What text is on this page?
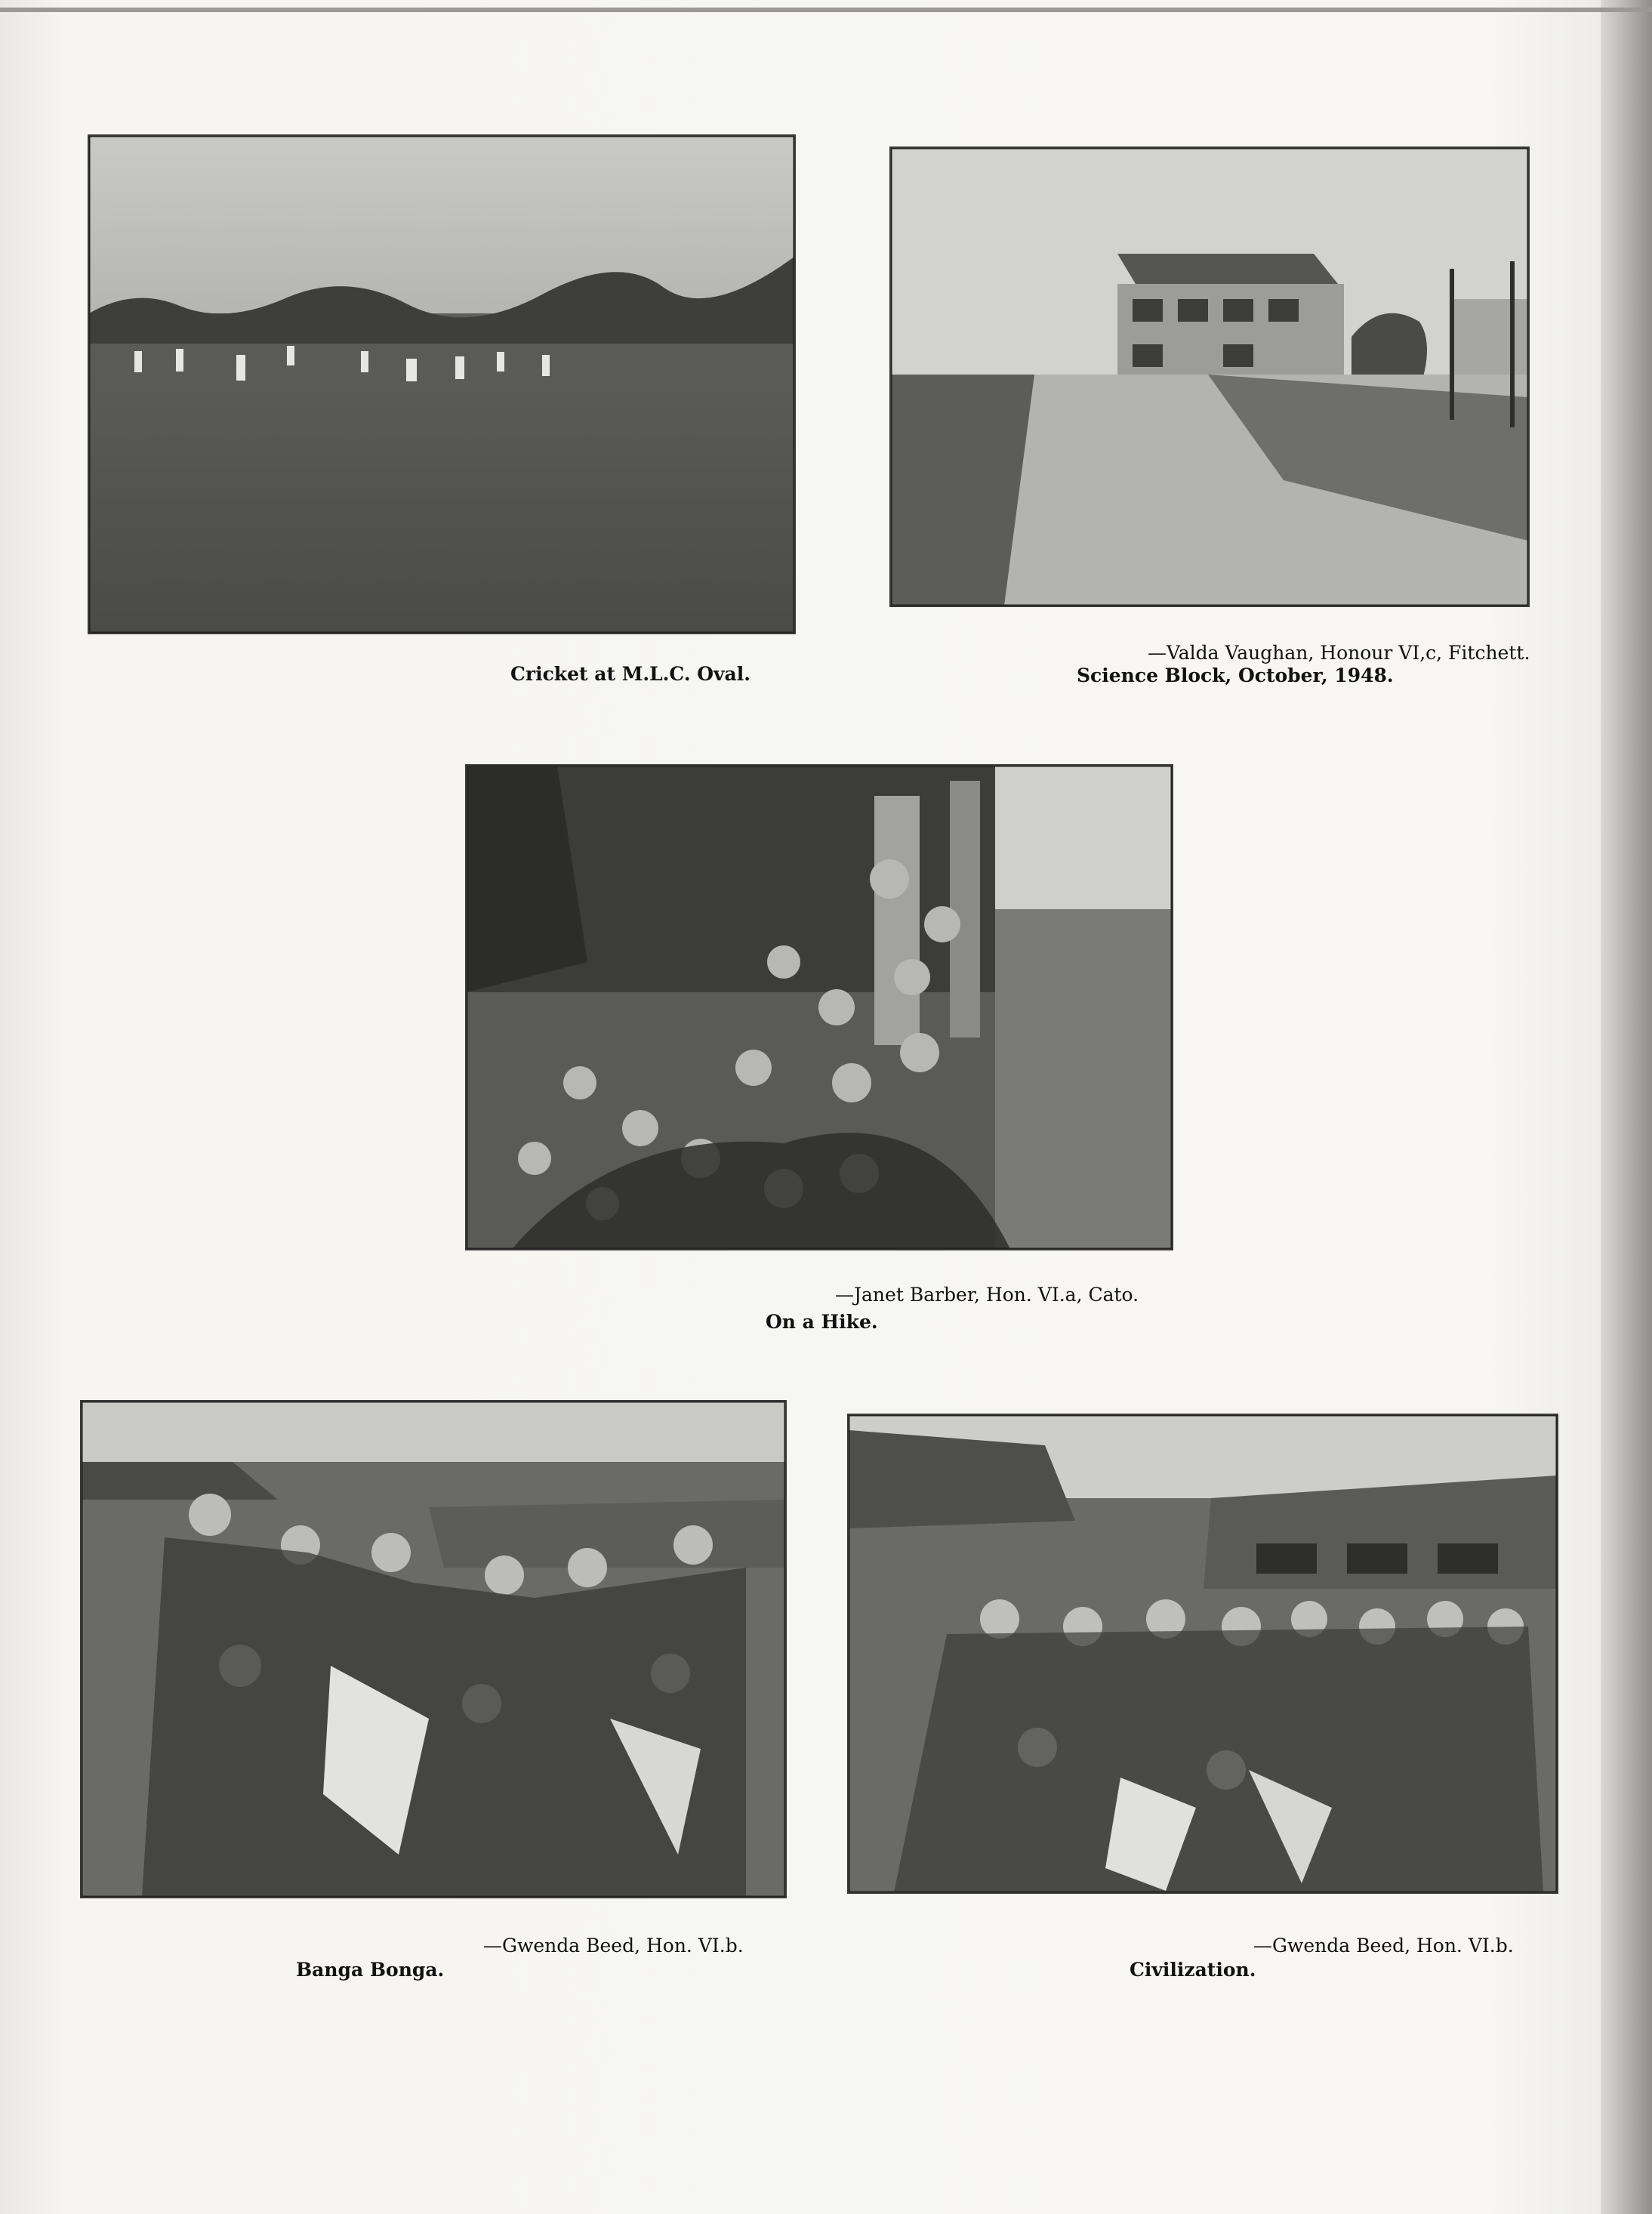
Cricket at M.L.C. Oval.
—Valda Vaughan, Honour VI,c, Fitchett.
Science Block, October, 1948.
—Janet Barber, Hon. VI.a, Cato.
On a Hike.
—Gwenda Beed, Hon. VI.b.
Banga Bonga.
—Gwenda Beed, Hon. VI.b.
Civilization.
